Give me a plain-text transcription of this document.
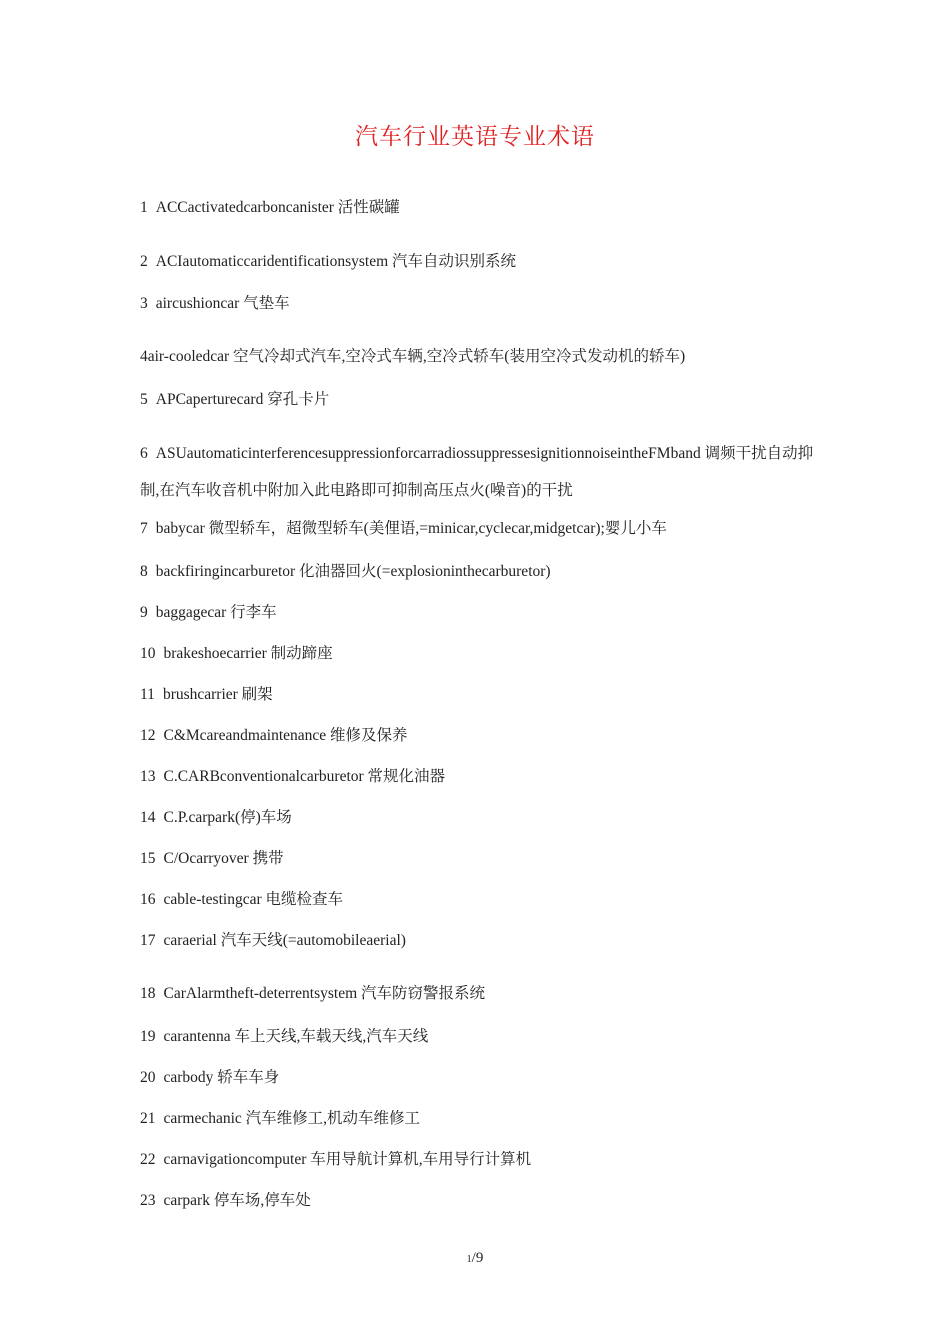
汽车行业英语专业术语
1 ACCactivatedcarboncanister 活性碳罐
2 ACIautomaticcaridentificationsystem 汽车自动识别系统
3 aircushioncar 气垫车
4air-cooledcar 空气冷却式汽车,空冷式车辆,空冷式轿车(装用空冷式发动机的轿车)
5 APCaperturecard 穿孔卡片
6 ASUautomaticinterferencesuppressionforcarradiossuppressesignitionnoiseintheFMband 调频干扰自动抑制,在汽车收音机中附加入此电路即可抑制高压点火(噪音)的干扰
7 babycar 微型轿车，超微型轿车(美俚语,=minicar,cyclecar,midgetcar);婴儿小车
8 backfiringincarburetor 化油器回火(=explosioninthecarburetor)
9 baggagecar 行李车
10 brakeshoecarrier 制动蹄座
11 brushcarrier 刷架
12 C&Mcareandmaintenance 维修及保养
13 C.CARBconventionalcarburetor 常规化油器
14 C.P.carpark(停)车场
15 C/Ocarryover 携带
16 cable-testingcar 电缆检查车
17 caraerial 汽车天线(=automobileaerial)
18 CarAlarmtheft-deterrentsystem 汽车防窃警报系统
19 carantenna 车上天线,车载天线,汽车天线
20 carbody 轿车车身
21 carmechanic 汽车维修工,机动车维修工
22 carnavigationcomputer 车用导航计算机,车用导行计算机
23 carpark 停车场,停车处
1/9
